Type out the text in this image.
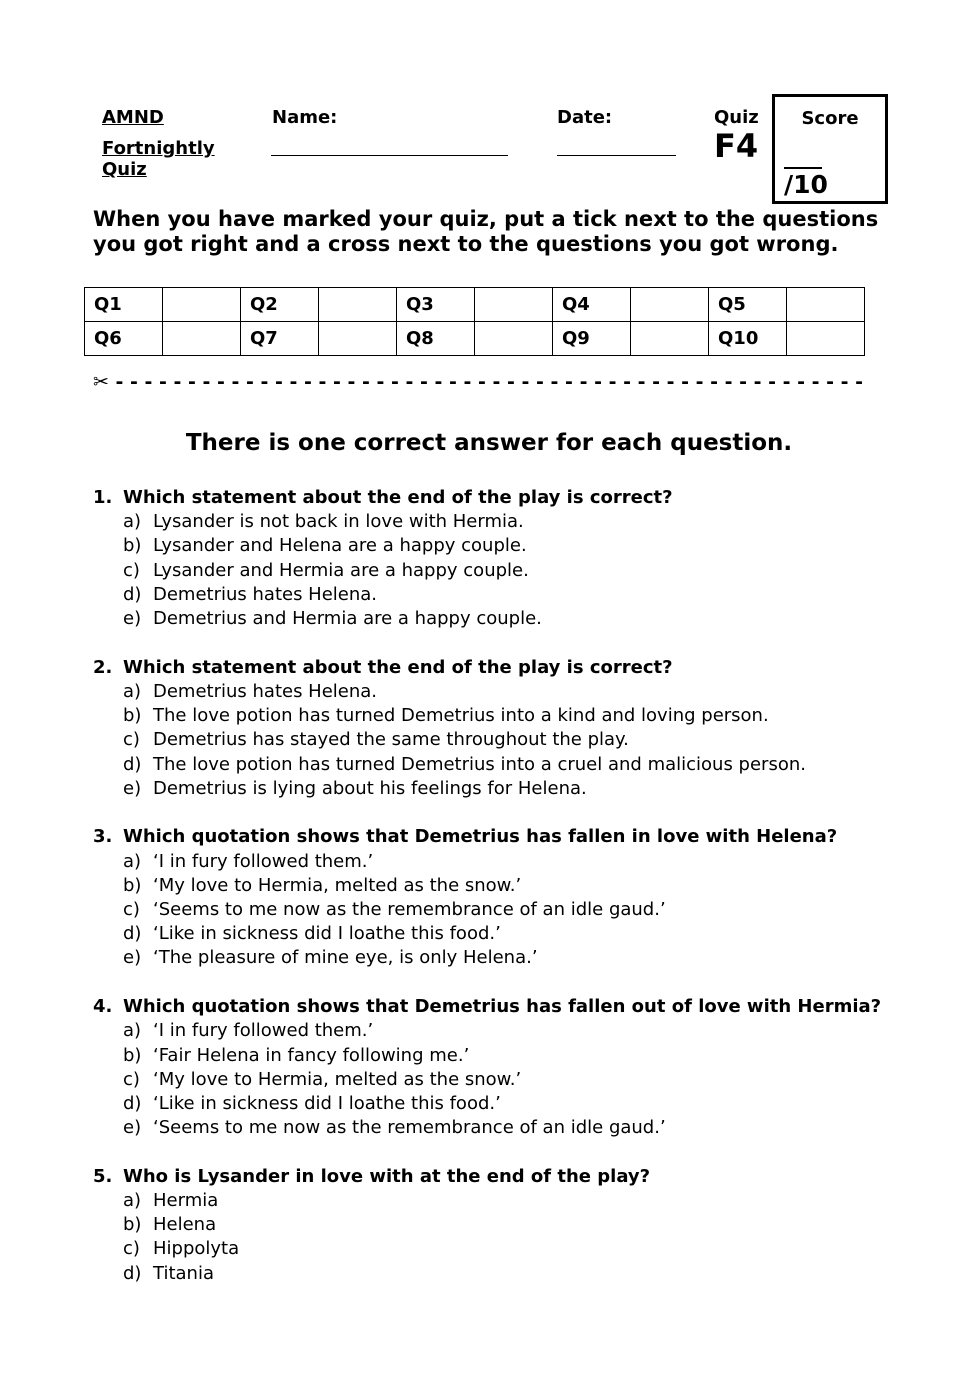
AMND
Fortnightly Quiz
Name:	Date:	Quiz
F4
Score
/10
When you have marked your quiz, put a tick next to the questions you got right and a cross next to the questions you got wrong.
Q1		Q2		Q3		Q4		Q5	
Q6		Q7		Q8		Q9		Q10	
✂ - - - - - - - - - - - - - - - - - - - - - - - - - - - - - - - - - - - - - - - - - - - - - - - - - - - -
There is one correct answer for each question.
1. Which statement about the end of the play is correct?
a) Lysander is not back in love with Hermia.
b) Lysander and Helena are a happy couple.
c) Lysander and Hermia are a happy couple.
d) Demetrius hates Helena.
e) Demetrius and Hermia are a happy couple.
2. Which statement about the end of the play is correct?
a) Demetrius hates Helena.
b) The love potion has turned Demetrius into a kind and loving person.
c) Demetrius has stayed the same throughout the play.
d) The love potion has turned Demetrius into a cruel and malicious person.
e) Demetrius is lying about his feelings for Helena.
3. Which quotation shows that Demetrius has fallen in love with Helena?
a) ‘I in fury followed them.’
b) ‘My love to Hermia, melted as the snow.’
c) ‘Seems to me now as the remembrance of an idle gaud.’
d) ‘Like in sickness did I loathe this food.’
e) ‘The pleasure of mine eye, is only Helena.’
4. Which quotation shows that Demetrius has fallen out of love with Hermia?
a) ‘I in fury followed them.’
b) ‘Fair Helena in fancy following me.’
c) ‘My love to Hermia, melted as the snow.’
d) ‘Like in sickness did I loathe this food.’
e) ‘Seems to me now as the remembrance of an idle gaud.’
5. Who is Lysander in love with at the end of the play?
a) Hermia
b) Helena
c) Hippolyta
d) Titania
